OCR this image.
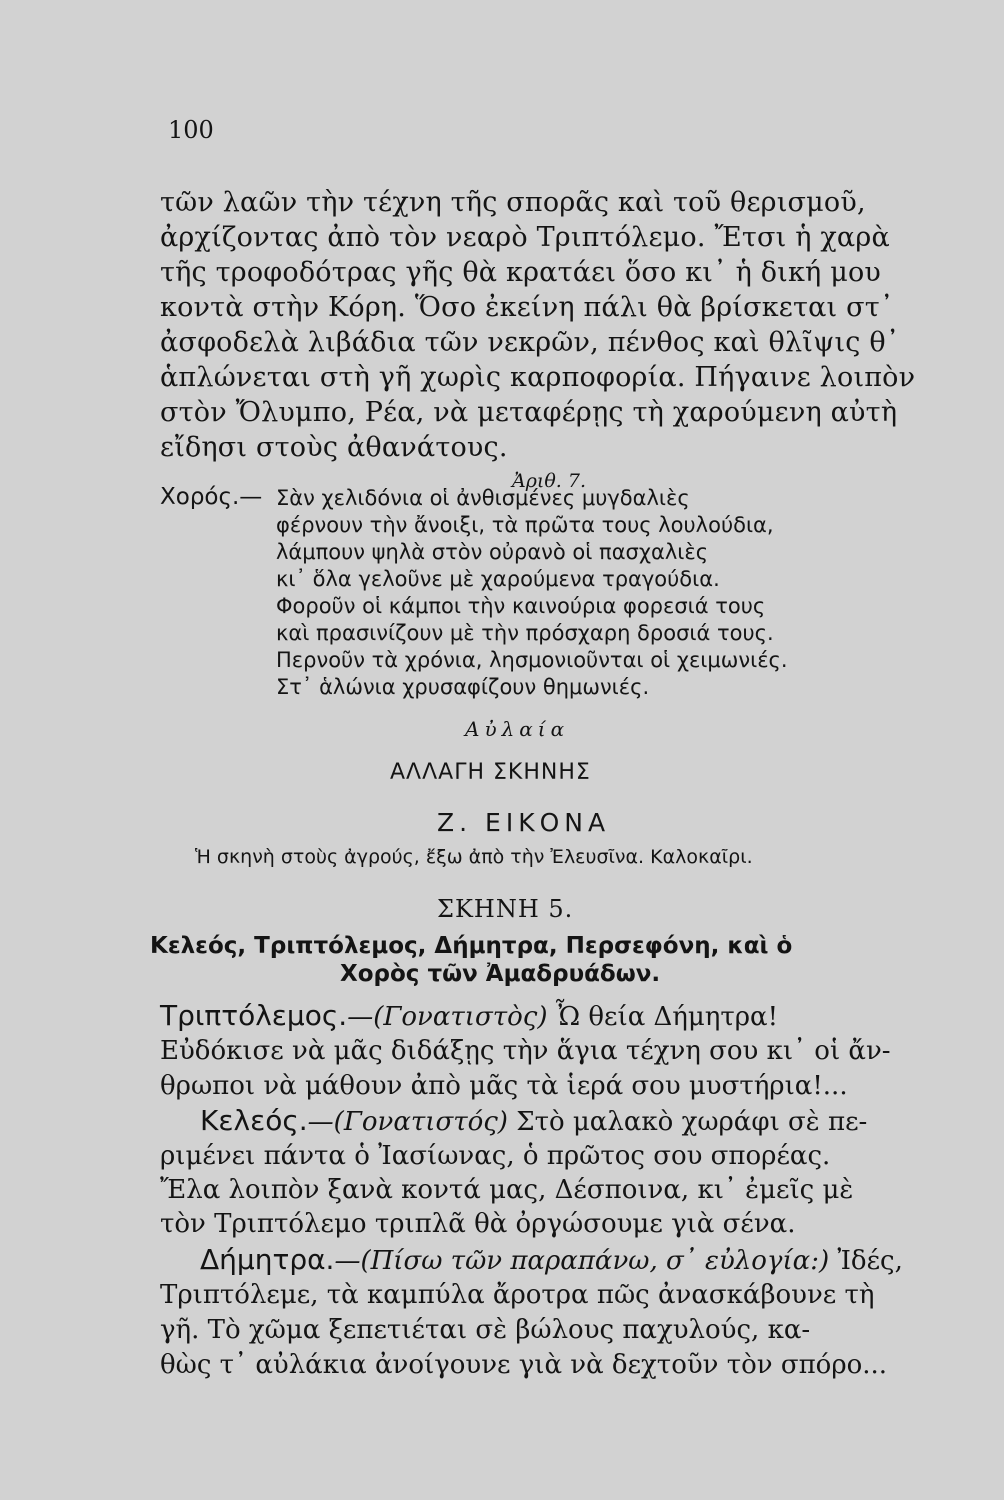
100
τῶν λαῶν τὴν τέχνη τῆς σπορᾶς καὶ τοῦ θερισμοῦ,
ἀρχίζοντας ἀπὸ τὸν νεαρὸ Τριπτόλεμο. Ἔτσι ἡ χαρὰ
τῆς τροφοδότρας γῆς θὰ κρατάει ὅσο κι᾿ ἡ δική μου
κοντὰ στὴν Κόρη. Ὅσο ἐκείνη πάλι θὰ βρίσκεται στ᾿
ἀσφοδελὰ λιβάδια τῶν νεκρῶν, πένθος καὶ θλῖψις θ᾿
ἁπλώνεται στὴ γῆ χωρὶς καρποφορία. Πήγαινε λοιπὸν
στὸν Ὄλυμπο, Ρέα, νὰ μεταφέρῃς τὴ χαρούμενη αὐτὴ
εἴδησι στοὺς ἀθανάτους.
Ἀριθ. 7.
Χορός.— Σὰν χελιδόνια οἱ ἀνθισμένες μυγδαλιὲς
φέρνουν τὴν ἄνοιξι, τὰ πρῶτα τους λουλούδια,
λάμπουν ψηλὰ στὸν οὐρανὸ οἱ πασχαλιὲς
κι᾿ ὅλα γελοῦνε μὲ χαρούμενα τραγούδια.
Φοροῦν οἱ κάμποι τὴν καινούρια φορεσιά τους
καὶ πρασινίζουν μὲ τὴν πρόσχαρη δροσιά τους.
Περνοῦν τὰ χρόνια, λησμονιοῦνται οἱ χειμωνιές.
Στ᾿ ἁλώνια χρυσαφίζουν θημωνιές.
Αὐλαία
ΑΛΛΑΓΗ ΣΚΗΝΗΣ
Ζ. ΕΙΚΟΝΑ
Ἡ σκηνὴ στοὺς ἀγρούς, ἔξω ἀπὸ τὴν Ἐλευσῖνα. Καλοκαῖρι.
ΣΚΗΝΗ 5.
Κελεός, Τριπτόλεμος, Δήμητρα, Περσεφόνη, καὶ ὁ
Χορὸς τῶν Ἀμαδρυάδων.
Τριπτόλεμος.—(Γονατιστὸς) Ὦ θεία Δήμητρα!
Εὐδόκισε νὰ μᾶς διδάξῃς τὴν ἅγια τέχνη σου κι᾿ οἱ ἄν-
θρωποι νὰ μάθουν ἀπὸ μᾶς τὰ ἱερά σου μυστήρια!...
Κελεός.—(Γονατιστός) Στὸ μαλακὸ χωράφι σὲ πε-
ριμένει πάντα ὁ Ἰασίωνας, ὁ πρῶτος σου σπορέας.
Ἔλα λοιπὸν ξανὰ κοντά μας, Δέσποινα, κι᾿ ἐμεῖς μὲ
τὸν Τριπτόλεμο τριπλᾶ θὰ ὀργώσουμε γιὰ σένα.
Δήμητρα.—(Πίσω τῶν παραπάνω, σ᾿ εὐλογία:) Ἰδές,
Τριπτόλεμε, τὰ καμπύλα ἄροτρα πῶς ἀνασκάβουνε τὴ
γῆ. Τὸ χῶμα ξεπετιέται σὲ βώλους παχυλούς, κα-
θὼς τ᾿ αὐλάκια ἀνοίγουνε γιὰ νὰ δεχτοῦν τὸν σπόρο...
